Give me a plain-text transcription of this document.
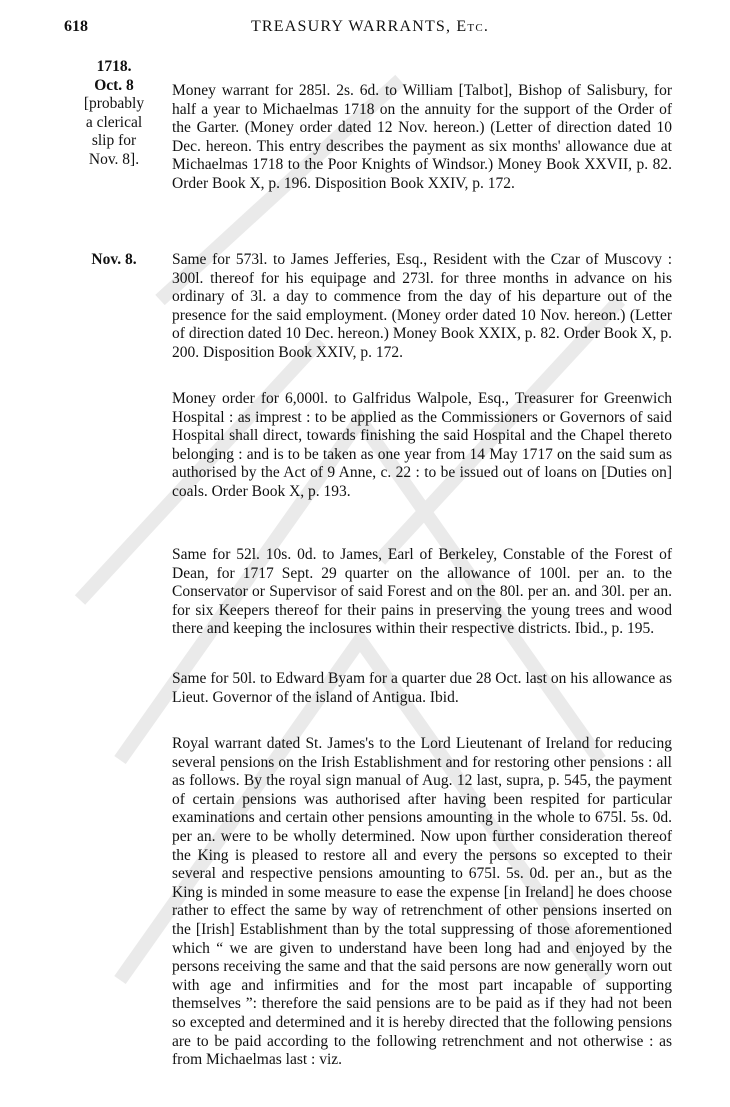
618	TREASURY WARRANTS, Etc.
1718.
Oct. 8
[probably
a clerical
slip for
Nov. 8].
Nov. 8.
Money warrant for 285l. 2s. 6d. to William [Talbot], Bishop of Salisbury, for half a year to Michaelmas 1718 on the annuity for the support of the Order of the Garter. (Money order dated 12 Nov. hereon.) (Letter of direction dated 10 Dec. hereon. This entry describes the payment as six months' allowance due at Michaelmas 1718 to the Poor Knights of Windsor.) Money Book XXVII, p. 82. Order Book X, p. 196. Disposition Book XXIV, p. 172.
Same for 573l. to James Jefferies, Esq., Resident with the Czar of Muscovy : 300l. thereof for his equipage and 273l. for three months in advance on his ordinary of 3l. a day to commence from the day of his departure out of the presence for the said employment. (Money order dated 10 Nov. hereon.) (Letter of direction dated 10 Dec. hereon.) Money Book XXIX, p. 82. Order Book X, p. 200. Disposition Book XXIV, p. 172.
Money order for 6,000l. to Galfridus Walpole, Esq., Treasurer for Greenwich Hospital : as imprest : to be applied as the Commissioners or Governors of said Hospital shall direct, towards finishing the said Hospital and the Chapel thereto belonging : and is to be taken as one year from 14 May 1717 on the said sum as authorised by the Act of 9 Anne, c. 22 : to be issued out of loans on [Duties on] coals. Order Book X, p. 193.
Same for 52l. 10s. 0d. to James, Earl of Berkeley, Constable of the Forest of Dean, for 1717 Sept. 29 quarter on the allowance of 100l. per an. to the Conservator or Supervisor of said Forest and on the 80l. per an. and 30l. per an. for six Keepers thereof for their pains in preserving the young trees and wood there and keeping the inclosures within their respective districts. Ibid., p. 195.
Same for 50l. to Edward Byam for a quarter due 28 Oct. last on his allowance as Lieut. Governor of the island of Antigua. Ibid.
Royal warrant dated St. James's to the Lord Lieutenant of Ireland for reducing several pensions on the Irish Establishment and for restoring other pensions : all as follows. By the royal sign manual of Aug. 12 last, supra, p. 545, the payment of certain pensions was authorised after having been respited for particular examinations and certain other pensions amounting in the whole to 675l. 5s. 0d. per an. were to be wholly determined. Now upon further consideration thereof the King is pleased to restore all and every the persons so excepted to their several and respective pensions amounting to 675l. 5s. 0d. per an., but as the King is minded in some measure to ease the expense [in Ireland] he does choose rather to effect the same by way of retrenchment of other pensions inserted on the [Irish] Establishment than by the total suppressing of those aforementioned which “ we are given to understand have been long had and enjoyed by the persons receiving the same and that the said persons are now generally worn out with age and infirmities and for the most part incapable of supporting themselves ”: therefore the said pensions are to be paid as if they had not been so excepted and determined and it is hereby directed that the following pensions are to be paid according to the following retrenchment and not otherwise : as from Michaelmas last : viz.
